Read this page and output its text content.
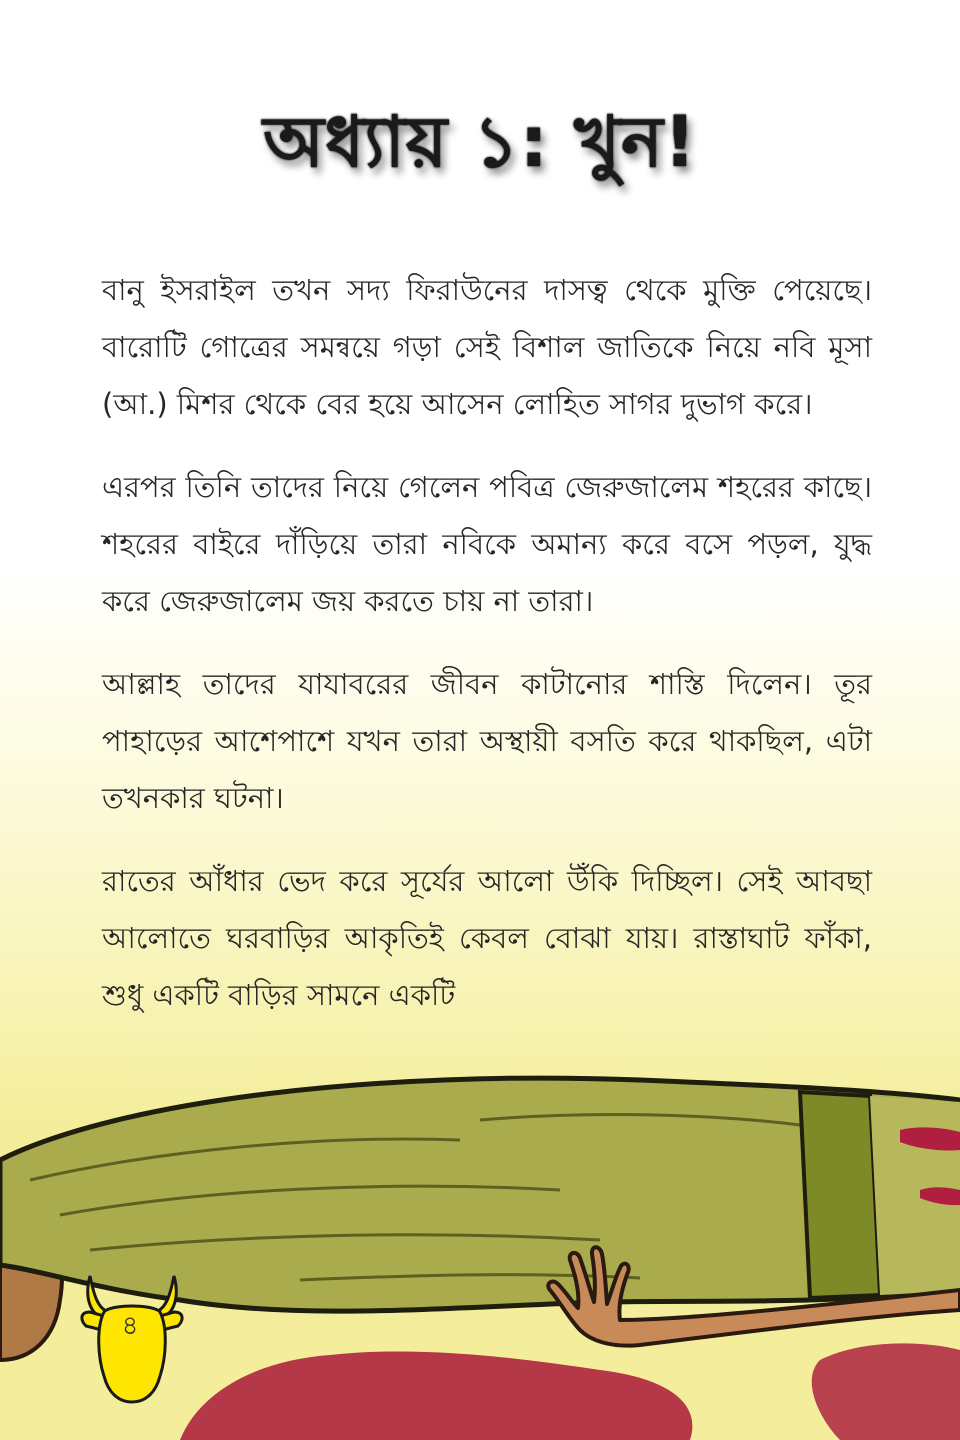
অধ্যায় ১: খুন!

বানু ইসরাইল তখন সদ্য ফিরাউনের দাসত্ব থেকে মুক্তি পেয়েছে। বারোটি গোত্রের সমন্বয়ে গড়া সেই বিশাল জাতিকে নিয়ে নবি মূসা (আ.) মিশর থেকে বের হয়ে আসেন লোহিত সাগর দুভাগ করে।

এরপর তিনি তাদের নিয়ে গেলেন পবিত্র জেরুজালেম শহরের কাছে। শহরের বাইরে দাঁড়িয়ে তারা নবিকে অমান্য করে বসে পড়ল, যুদ্ধ করে জেরুজালেম জয় করতে চায় না তারা।

আল্লাহ তাদের যাযাবরের জীবন কাটানোর শাস্তি দিলেন। তূর পাহাড়ের আশেপাশে যখন তারা অস্থায়ী বসতি করে থাকছিল, এটা তখনকার ঘটনা।

রাতের আঁধার ভেদ করে সূর্যের আলো উঁকি দিচ্ছিল। সেই আবছা আলোতে ঘরবাড়ির আকৃতিই কেবল বোঝা যায়। রাস্তাঘাট ফাঁকা, শুধু একটি বাড়ির সামনে একটি

৪
